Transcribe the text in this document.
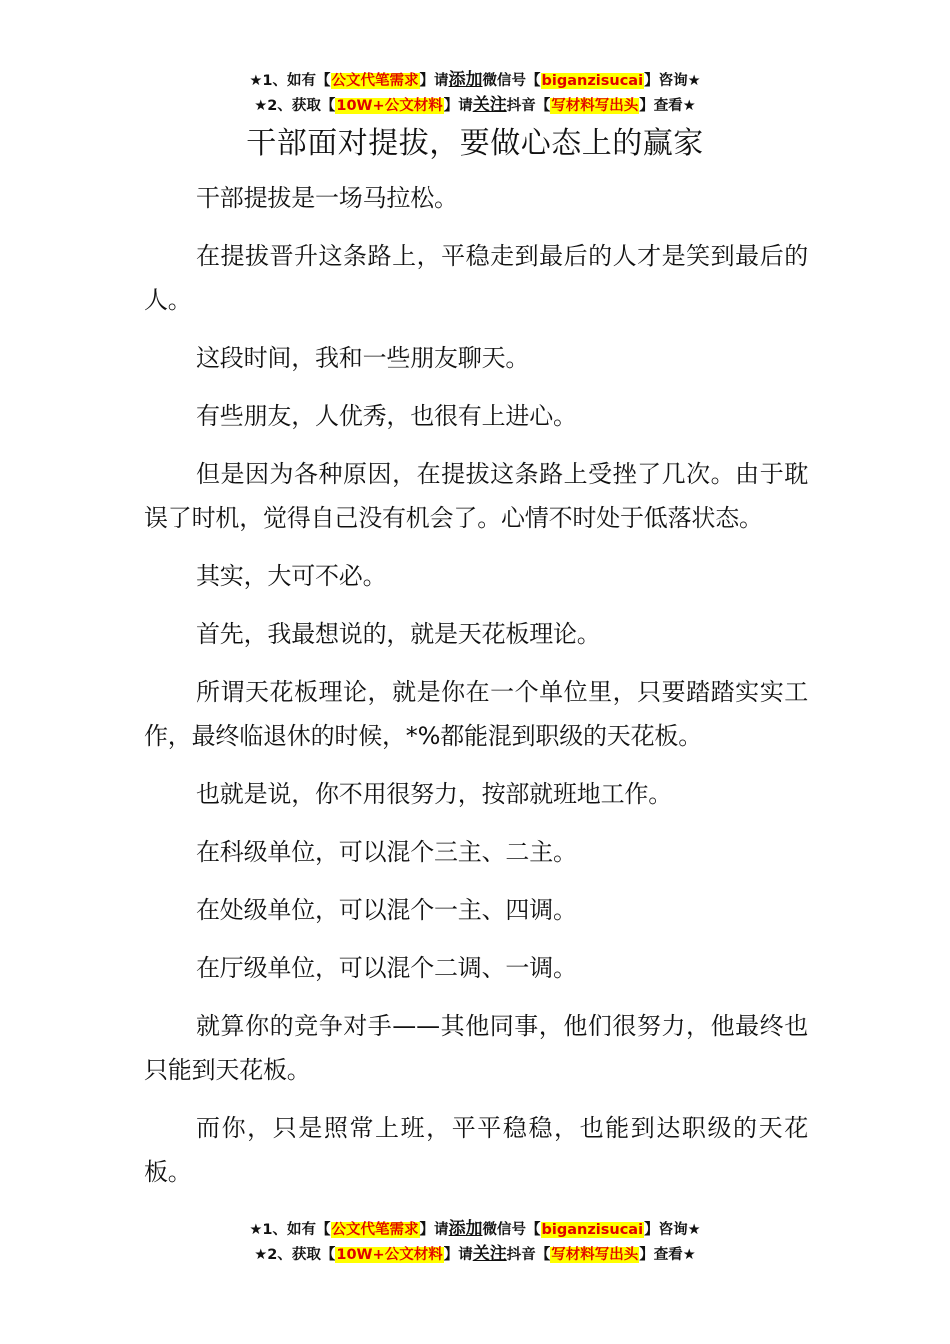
★1、如有【公文代笔需求】请添加微信号【biganzisucai】咨询★
★2、获取【10W+公文材料】请关注抖音【写材料写出头】查看★
干部面对提拔，要做心态上的赢家

干部提拔是一场马拉松。

在提拔晋升这条路上，平稳走到最后的人才是笑到最后的人。

这段时间，我和一些朋友聊天。

有些朋友，人优秀，也很有上进心。

但是因为各种原因，在提拔这条路上受挫了几次。由于耽误了时机，觉得自己没有机会了。心情不时处于低落状态。

其实，大可不必。

首先，我最想说的，就是天花板理论。

所谓天花板理论，就是你在一个单位里，只要踏踏实实工作，最终临退休的时候，*%都能混到职级的天花板。

也就是说，你不用很努力，按部就班地工作。

在科级单位，可以混个三主、二主。

在处级单位，可以混个一主、四调。

在厅级单位，可以混个二调、一调。

就算你的竞争对手——其他同事，他们很努力，他最终也只能到天花板。

而你，只是照常上班，平平稳稳，也能到达职级的天花板。

★1、如有【公文代笔需求】请添加微信号【biganzisucai】咨询★
★2、获取【10W+公文材料】请关注抖音【写材料写出头】查看★
